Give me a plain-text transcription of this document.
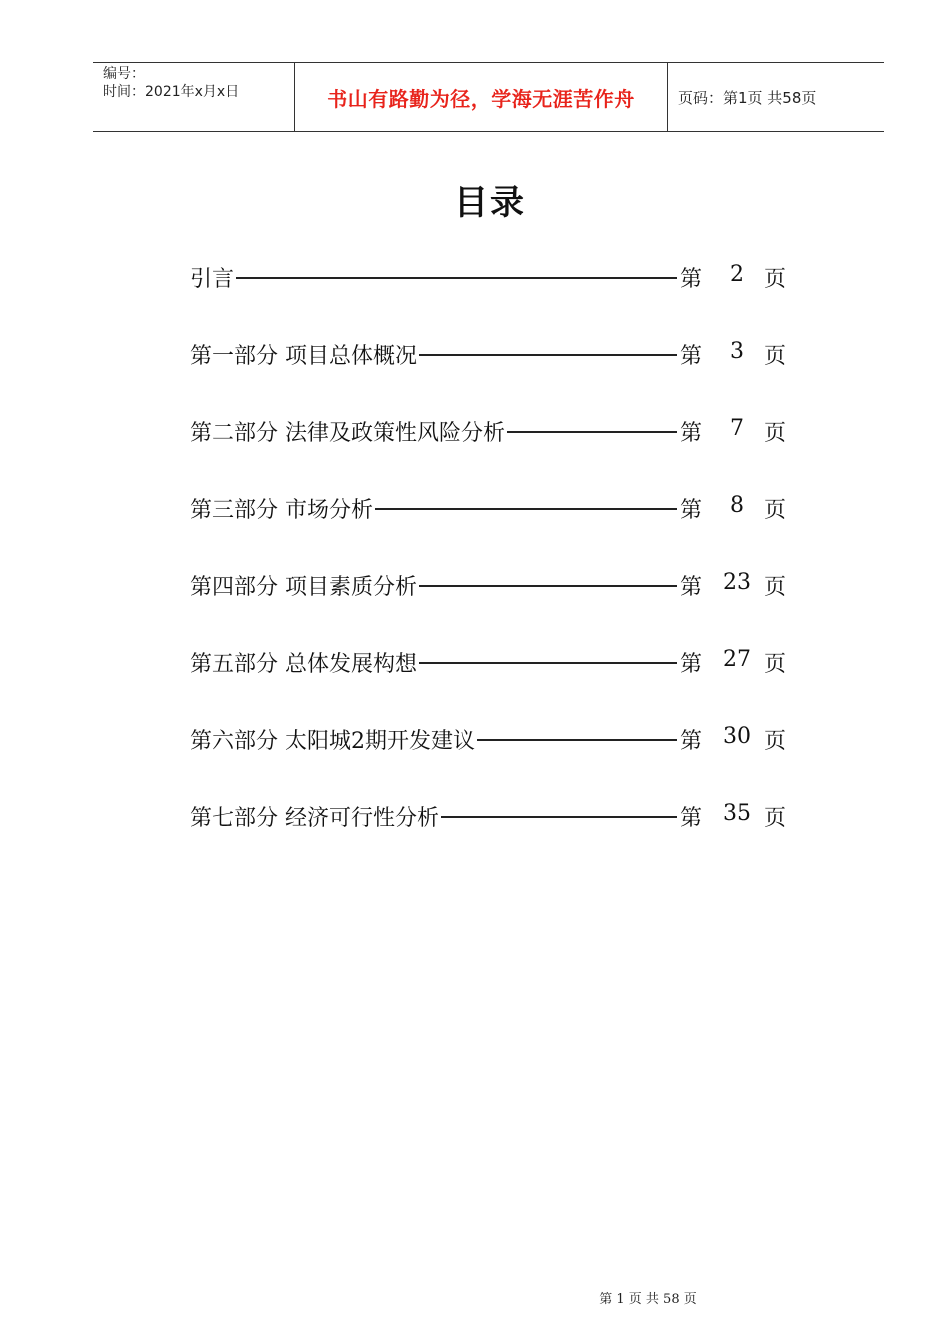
编号：
时间：2021年x月x日	书山有路勤为径，学海无涯苦作舟	页码：第1页 共58页
目录
引言	第	2 页
第一部分 项目总体概况	第	3 页
第二部分 法律及政策性风险分析	第	7 页
第三部分 市场分析	第	8 页
第四部分 项目素质分析	第 23 页
第五部分 总体发展构想	第 27 页
第六部分 太阳城2期开发建议	第 30 页
第七部分 经济可行性分析	第 35 页
第 1 页 共 58 页
